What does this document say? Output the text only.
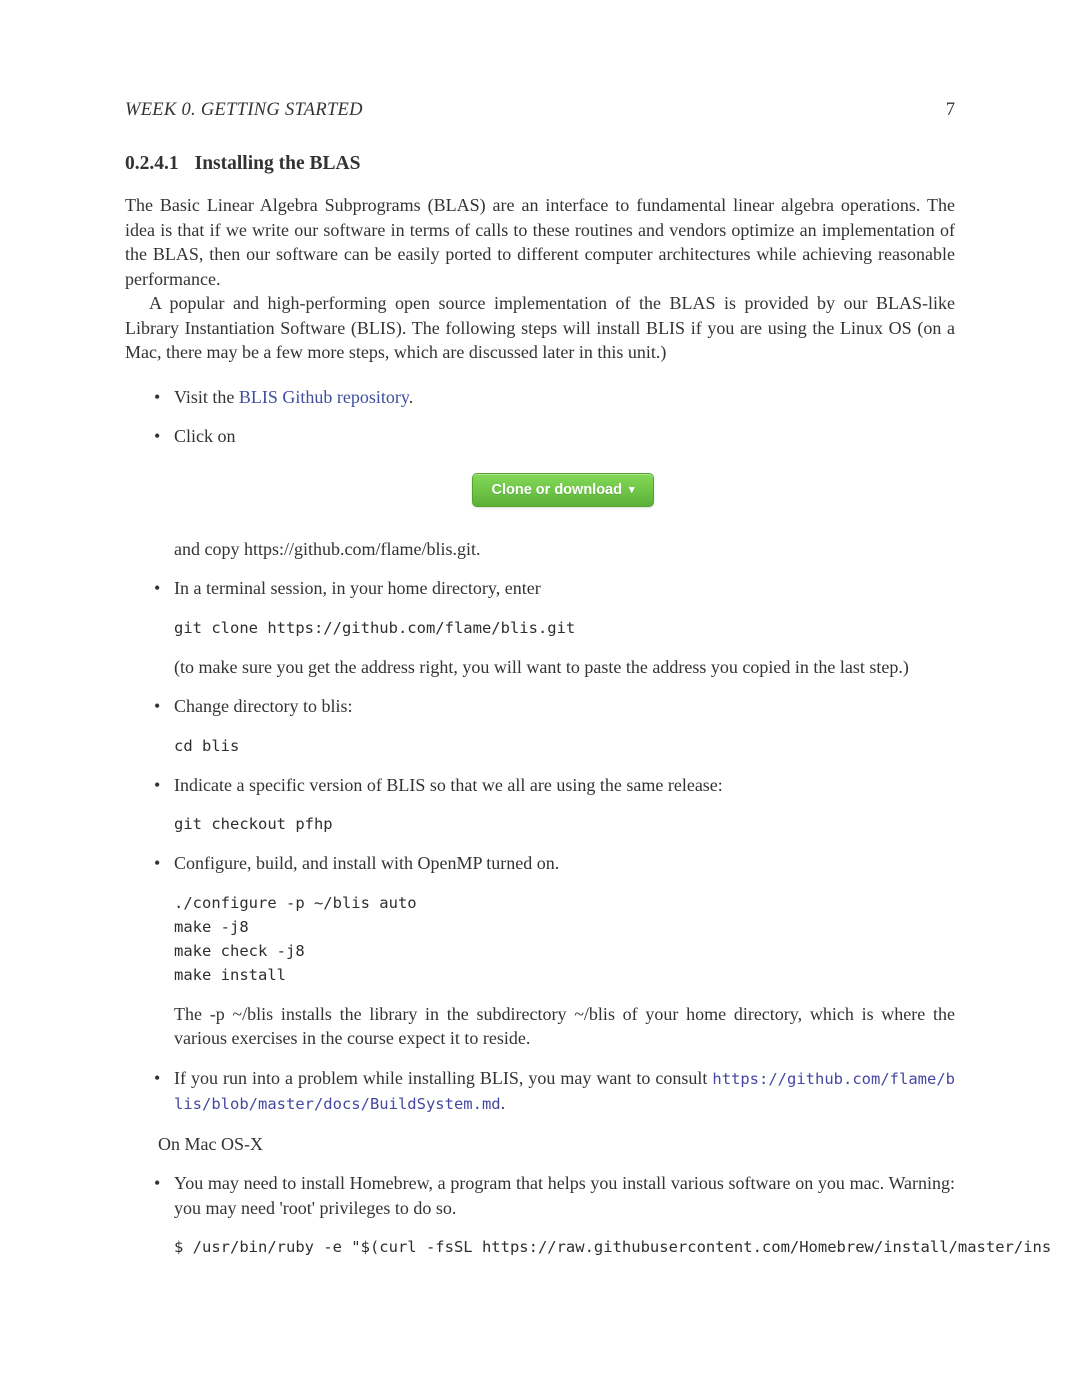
WEEK 0. GETTING STARTED	7
0.2.4.1 Installing the BLAS

The Basic Linear Algebra Subprograms (BLAS) are an interface to fundamental linear algebra operations. The idea is that if we write our software in terms of calls to these routines and vendors optimize an implementation of the BLAS, then our software can be easily ported to different computer architectures while achieving reasonable performance.

A popular and high-performing open source implementation of the BLAS is provided by our BLAS-like Library Instantiation Software (BLIS). The following steps will install BLIS if you are using the Linux OS (on a Mac, there may be a few more steps, which are discussed later in this unit.)

• Visit the BLIS Github repository.
• Click on
Clone or download ▾
and copy https://github.com/flame/blis.git.
• In a terminal session, in your home directory, enter
git clone https://github.com/flame/blis.git
(to make sure you get the address right, you will want to paste the address you copied in the last step.)
• Change directory to blis:
cd blis
• Indicate a specific version of BLIS so that we all are using the same release:
git checkout pfhp
• Configure, build, and install with OpenMP turned on.
./configure -p ~/blis auto
make -j8
make check -j8
make install
The -p ~/blis installs the library in the subdirectory ~/blis of your home directory, which is where the various exercises in the course expect it to reside.
• If you run into a problem while installing BLIS, you may want to consult https://github.com/flame/blis/blob/master/docs/BuildSystem.md.
On Mac OS-X
• You may need to install Homebrew, a program that helps you install various software on you mac. Warning: you may need 'root' privileges to do so.
$ /usr/bin/ruby -e "$(curl -fsSL https://raw.githubusercontent.com/Homebrew/install/master/ins
